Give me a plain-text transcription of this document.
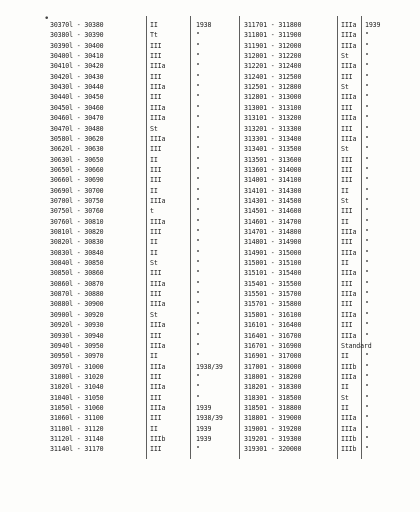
•
30370l - 30380	II	1938
30380l - 30390	Tt	"
30390l - 30400	III	"
30400l - 30410	III	"
30410l - 30420	IIIa	"
30420l - 30430	III	"
30430l - 30440	IIIa	"
30440l - 30450	III	"
30450l - 30460	IIIa	"
30460l - 30470	IIIa	"
30470l - 30480	St	"
30580l - 30620	IIIa	"
30620l - 30630	III	"
30630l - 30650	II	"
30650l - 30660	III	"
30660l - 30690	III	"
30690l - 30700	II	"
30700l - 30750	IIIa	"
30750l - 30760	t	"
30760l - 30810	IIIa	"
30810l - 30820	III	"
30820l - 30830	II	"
30830l - 30840	II	"
30840l - 30850	St	"
30850l - 30860	III	"
30860l - 30870	IIIa	"
30870l - 30880	III	"
30880l - 30900	IIIa	"
30900l - 30920	St	"
30920l - 30930	IIIa	"
30930l - 30940	III	"
30940l - 30950	IIIa	"
30950l - 30970	II	"
30970l - 31000	IIIa	1938/39
31000l - 31020	III	"
31020l - 31040	IIIa	"
31040l - 31050	III	"
31050l - 31060	IIIa	1939
31060l - 31100	III	1938/39
31100l - 31120	II	1939
31120l - 31140	IIIb	1939
31140l - 31170	III	"
311701 - 311800	IIIa 1939
311801 - 311900	IIIa "
311901 - 312000	IIIa "
312001 - 312200	St "
312201 - 312400	IIIa "
312401 - 312500	III "
312501 - 312800	St "
312801 - 313000	IIIa "
313001 - 313100	III "
313101 - 313200	IIIa "
313201 - 313300	III "
313301 - 313400	IIIa "
313401 - 313500	St "
313501 - 313600	III "
313601 - 314000	III "
314001 - 314100	III "
314101 - 314300	II "
314301 - 314500	St "
314501 - 314600	III "
314601 - 314700	II "
314701 - 314800	IIIa "
314801 - 314900	III "
314901 - 315000	IIIa "
315001 - 315100	II "
315101 - 315400	IIIa "
315401 - 315500	III "
315501 - 315700	IIIa "
315701 - 315800	III "
315801 - 316100	IIIa "
316101 - 316400	III "
316401 - 316700	IIIa "
316701 - 316900	Standard
316901 - 317000	II "
317001 - 318000	IIIb "
318001 - 318200	IIIa "
318201 - 318300	II "
318301 - 318500	St "
318501 - 318800	II "
318801 - 319000	IIIa "
319001 - 319200	IIIa "
319201 - 319300	IIIb "
319301 - 320000	IIIb "
